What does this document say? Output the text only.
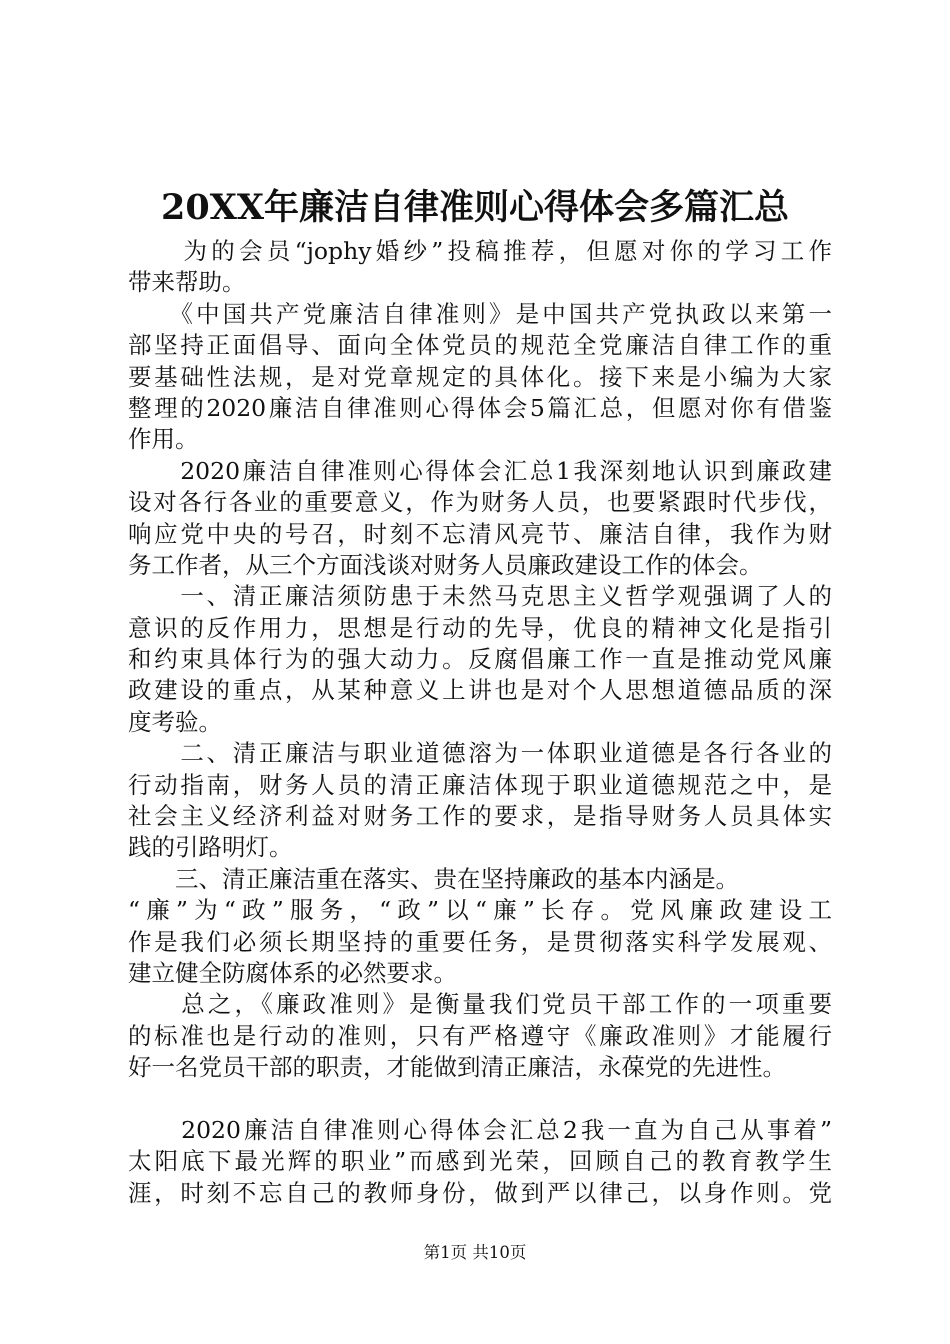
20XX年廉洁自律准则心得体会多篇汇总
　　为的会员“jophy婚纱”投稿推荐，但愿对你的学习工作
带来帮助。
　　《中国共产党廉洁自律准则》是中国共产党执政以来第一
部坚持正面倡导、面向全体党员的规范全党廉洁自律工作的重
要基础性法规，是对党章规定的具体化。接下来是小编为大家
整理的2020廉洁自律准则心得体会5篇汇总，但愿对你有借鉴
作用。
　　2020廉洁自律准则心得体会汇总1我深刻地认识到廉政建
设对各行各业的重要意义，作为财务人员，也要紧跟时代步伐，
响应党中央的号召，时刻不忘清风亮节、廉洁自律，我作为财
务工作者，从三个方面浅谈对财务人员廉政建设工作的体会。
　　一、清正廉洁须防患于未然马克思主义哲学观强调了人的
意识的反作用力，思想是行动的先导，优良的精神文化是指引
和约束具体行为的强大动力。反腐倡廉工作一直是推动党风廉
政建设的重点，从某种意义上讲也是对个人思想道德品质的深
度考验。
　　二、清正廉洁与职业道德溶为一体职业道德是各行各业的
行动指南，财务人员的清正廉洁体现于职业道德规范之中，是
社会主义经济利益对财务工作的要求，是指导财务人员具体实
践的引路明灯。
　　三、清正廉洁重在落实、贵在坚持廉政的基本内涵是。
“廉”为“政”服务，“政”以“廉”长存。党风廉政建设工
作是我们必须长期坚持的重要任务，是贯彻落实科学发展观、
建立健全防腐体系的必然要求。
　　总之，《廉政准则》是衡量我们党员干部工作的一项重要
的标准也是行动的准则，只有严格遵守《廉政准则》才能履行
好一名党员干部的职责，才能做到清正廉洁，永葆党的先进性。
　　2020廉洁自律准则心得体会汇总2我一直为自己从事着”
太阳底下最光辉的职业”而感到光荣，回顾自己的教育教学生
涯，时刻不忘自己的教师身份，做到严以律己，以身作则。党
第1页 共10页
